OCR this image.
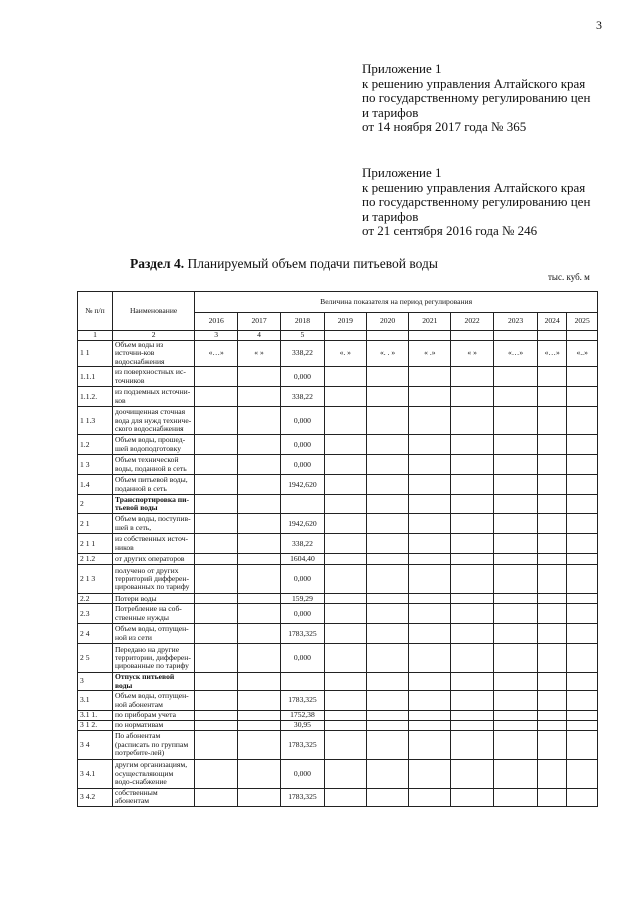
3
Приложение 1
к решению управления Алтайского края
по государственному регулированию цен
и тарифов
от 14 ноября 2017 года № 365
Приложение 1
к решению управления Алтайского края
по государственному регулированию цен
и тарифов
от 21 сентября 2016 года № 246
Раздел 4. Планируемый объем подачи питьевой воды
тыс. куб. м
№ п/п	Наименование	Величина показателя на период регулирования									
		2016	2017	2018	2019	2020	2021	2022	2023	2024	2025
1	2	3	4	5							
1 1	Объем воды из источни-ков водоснабжения	«…»	« »	338,22	«. »	«. . »	« .»	« »	«…»	«…»	«..»
1.1.1	из поверхностных ис-точников			0,000							
1.1.2.	из подземных источни-ков			338,22							
1 1.3	доочищенная сточная вода для нужд техниче-ского водоснабжения			0,000							
1.2	Объем воды, прошед-шей водоподготовку			0,000							
1 3	Объем технической воды, поданной в сеть			0,000							
1.4	Объем питьевой воды, поданной в сеть			1942,620							
2	Транспортировка пи-тьевой воды										
2 1	Объем воды, поступив-шей в сеть,			1942,620							
2 1 1	из собственных источ-ников			338,22							
2 1.2	от других операторов			1604,40							
2 1 3	полученo от других территорий дифферен-цированных по тарифу			0,000							
2.2	Потери воды			159,29							
2.3	Потребление на соб-ственные нужды			0,000							
2 4	Объем воды, отпущен-ной из сети			1783,325							
2 5	Передано на другие территории, дифферен-цированные по тарифу			0,000							
3	Отпуск питьевой воды										
3.1	Объем воды, отпущен-ной абонентам			1783,325							
3.1 1.	по приборам учета			1752,38							
3 1 2.	по нормативам			30,95							
3 4	По абонентам (расписать по группам потребите-лей)			1783,325							
3 4.1	другим организациям, осуществляющим водо-снабжение			0,000							
3 4.2	собственным абонентам			1783,325							
